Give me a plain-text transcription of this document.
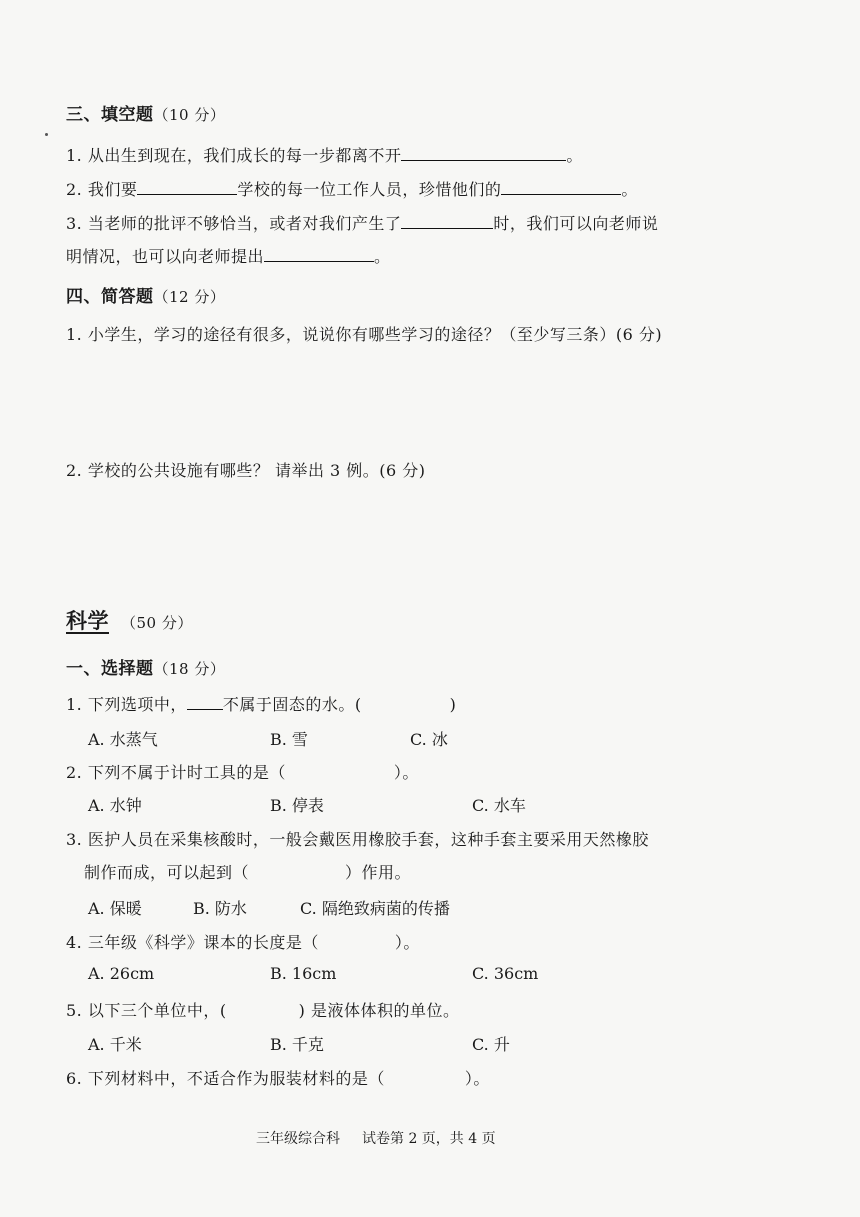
三、填空题（10 分）
1. 从出生到现在，我们成长的每一步都离不开	。
2. 我们要	学校的每一位工作人员，珍惜他们的	。
3. 当老师的批评不够恰当，或者对我们产生了	时，我们可以向老师说
明情况，也可以向老师提出	。
四、简答题（12 分）
1. 小学生，学习的途径有很多，说说你有哪些学习的途径？（至少写三条）(6 分)
2. 学校的公共设施有哪些？ 请举出 3 例。(6 分)
科学 （50 分）
一、选择题（18 分）
1. 下列选项中， 不属于固态的水。(	)
A. 水蒸气	B. 雪	C. 冰
2. 下列不属于计时工具的是（	）。
A. 水钟	B. 停表	C. 水车
3. 医护人员在采集核酸时，一般会戴医用橡胶手套，这种手套主要采用天然橡胶
制作而成，可以起到（	）作用。
A. 保暖	B. 防水	C. 隔绝致病菌的传播
4. 三年级《科学》课本的长度是（	）。
A. 26cm	B. 16cm	C. 36cm
5. 以下三个单位中，(	) 是液体体积的单位。
A. 千米	B. 千克	C. 升
6. 下列材料中，不适合作为服装材料的是（	）。
三年级综合科 试卷第 2 页，共 4 页
